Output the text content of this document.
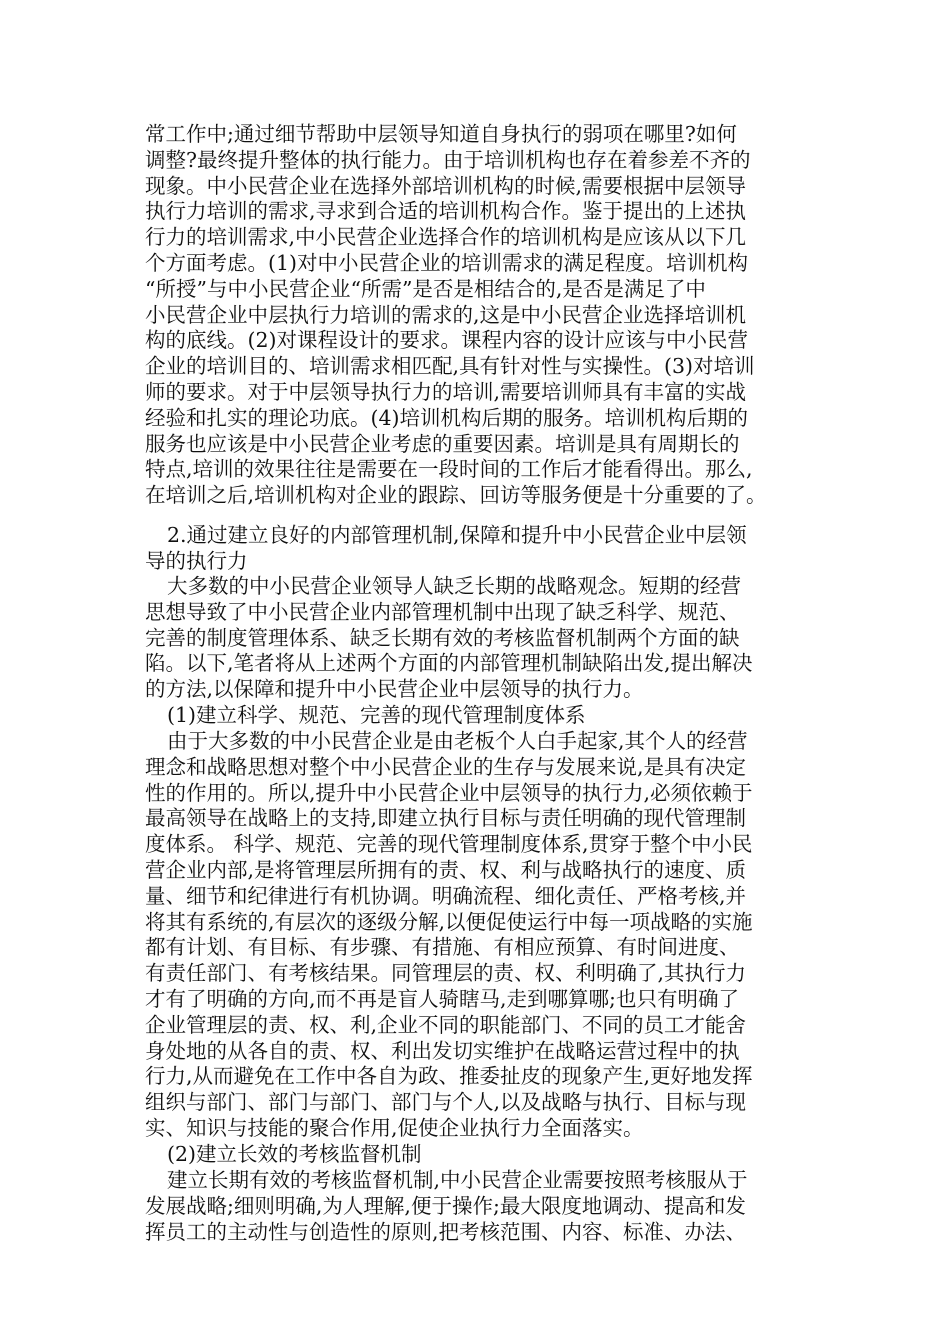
常工作中;通过细节帮助中层领导知道自身执行的弱项在哪里?如何
调整?最终提升整体的执行能力。由于培训机构也存在着参差不齐的
现象。中小民营企业在选择外部培训机构的时候,需要根据中层领导
执行力培训的需求,寻求到合适的培训机构合作。鉴于提出的上述执
行力的培训需求,中小民营企业选择合作的培训机构是应该从以下几
个方面考虑。(1)对中小民营企业的培训需求的满足程度。培训机构
“所授”与中小民营企业“所需”是否是相结合的,是否是满足了中
小民营企业中层执行力培训的需求的,这是中小民营企业选择培训机
构的底线。(2)对课程设计的要求。课程内容的设计应该与中小民营
企业的培训目的、培训需求相匹配,具有针对性与实操性。(3)对培训
师的要求。对于中层领导执行力的培训,需要培训师具有丰富的实战
经验和扎实的理论功底。(4)培训机构后期的服务。培训机构后期的
服务也应该是中小民营企业考虑的重要因素。培训是具有周期长的
特点,培训的效果往往是需要在一段时间的工作后才能看得出。那么,
在培训之后,培训机构对企业的跟踪、回访等服务便是十分重要的了。
2.通过建立良好的内部管理机制,保障和提升中小民营企业中层领
导的执行力
大多数的中小民营企业领导人缺乏长期的战略观念。短期的经营
思想导致了中小民营企业内部管理机制中出现了缺乏科学、规范、
完善的制度管理体系、缺乏长期有效的考核监督机制两个方面的缺
陷。以下,笔者将从上述两个方面的内部管理机制缺陷出发,提出解决
的方法,以保障和提升中小民营企业中层领导的执行力。
(1)建立科学、规范、完善的现代管理制度体系
由于大多数的中小民营企业是由老板个人白手起家,其个人的经营
理念和战略思想对整个中小民营企业的生存与发展来说,是具有决定
性的作用的。所以,提升中小民营企业中层领导的执行力,必须依赖于
最高领导在战略上的支持,即建立执行目标与责任明确的现代管理制
度体系。 科学、规范、完善的现代管理制度体系,贯穿于整个中小民
营企业内部,是将管理层所拥有的责、权、利与战略执行的速度、质
量、细节和纪律进行有机协调。明确流程、细化责任、严格考核,并
将其有系统的,有层次的逐级分解,以便促使运行中每一项战略的实施
都有计划、有目标、有步骤、有措施、有相应预算、有时间进度、
有责任部门、有考核结果。同管理层的责、权、利明确了,其执行力
才有了明确的方向,而不再是盲人骑瞎马,走到哪算哪;也只有明确了
企业管理层的责、权、利,企业不同的职能部门、不同的员工才能舍
身处地的从各自的责、权、利出发切实维护在战略运营过程中的执
行力,从而避免在工作中各自为政、推委扯皮的现象产生,更好地发挥
组织与部门、部门与部门、部门与个人,以及战略与执行、目标与现
实、知识与技能的聚合作用,促使企业执行力全面落实。
(2)建立长效的考核监督机制
建立长期有效的考核监督机制,中小民营企业需要按照考核服从于
发展战略;细则明确,为人理解,便于操作;最大限度地调动、提高和发
挥员工的主动性与创造性的原则,把考核范围、内容、标准、办法、
